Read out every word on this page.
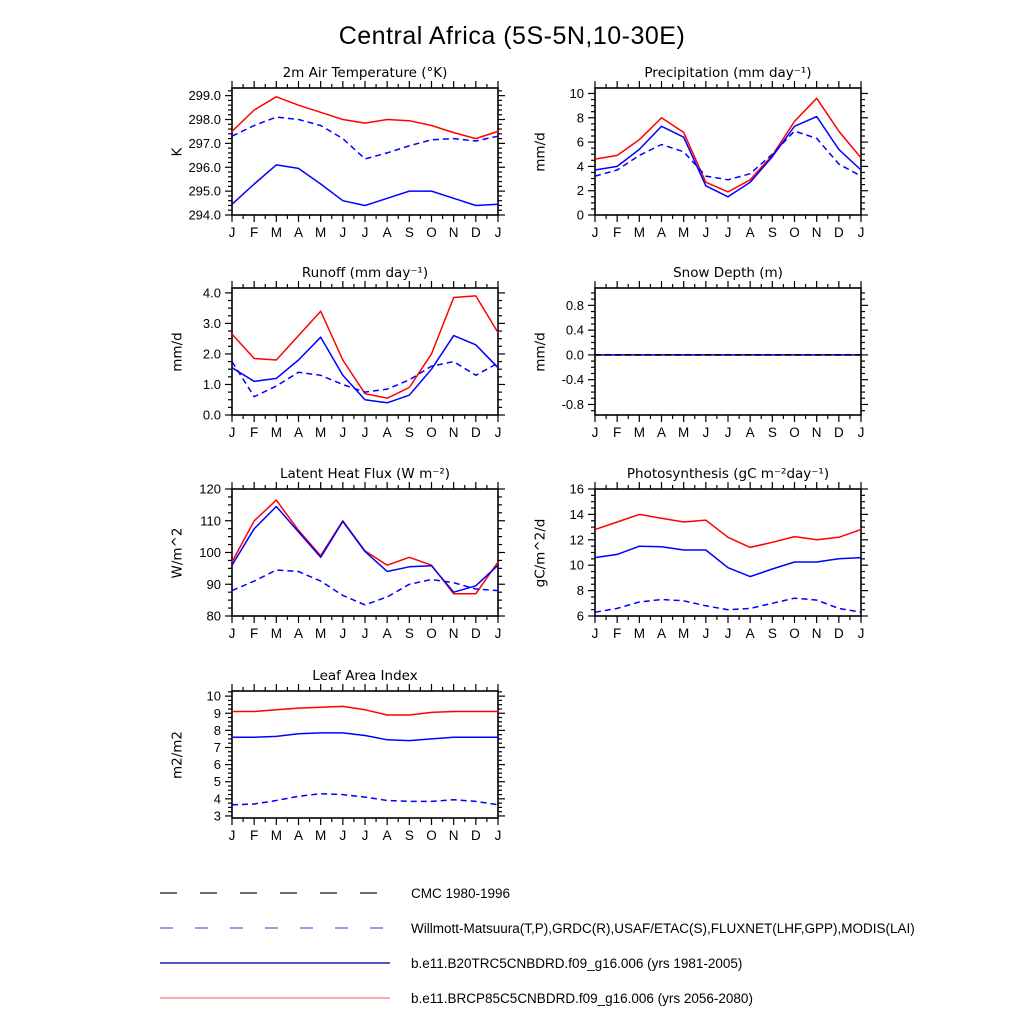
Central Africa (5S-5N,10-30E)
2m Air Temperature (°K)
K
294.0
295.0
296.0
297.0
298.0
299.0
J F M A M J J A S O N D J
Precipitation (mm day⁻¹)
mm/d
0
2
4
6
8
10
J F M A M J J A S O N D J
Runoff (mm day⁻¹)
mm/d
0.0
1.0
2.0
3.0
4.0
J F M A M J J A S O N D J
Snow Depth (m)
mm/d
-0.8
-0.4
0.0
0.4
0.8
J F M A M J J A S O N D J
Latent Heat Flux (W m⁻²)
W/m^2
80
90
100
110
120
J F M A M J J A S O N D J
Photosynthesis (gC m⁻²day⁻¹)
gC/m^2/d
6
8
10
12
14
16
J F M A M J J A S O N D J
Leaf Area Index
m2/m2
3
4
5
6
7
8
9
10
J F M A M J J A S O N D J
CMC 1980-1996
Willmott-Matsuura(T,P),GRDC(R),USAF/ETAC(S),FLUXNET(LHF,GPP),MODIS(LAI)
b.e11.B20TRC5CNBDRD.f09_g16.006 (yrs 1981-2005)
b.e11.BRCP85C5CNBDRD.f09_g16.006 (yrs 2056-2080)
